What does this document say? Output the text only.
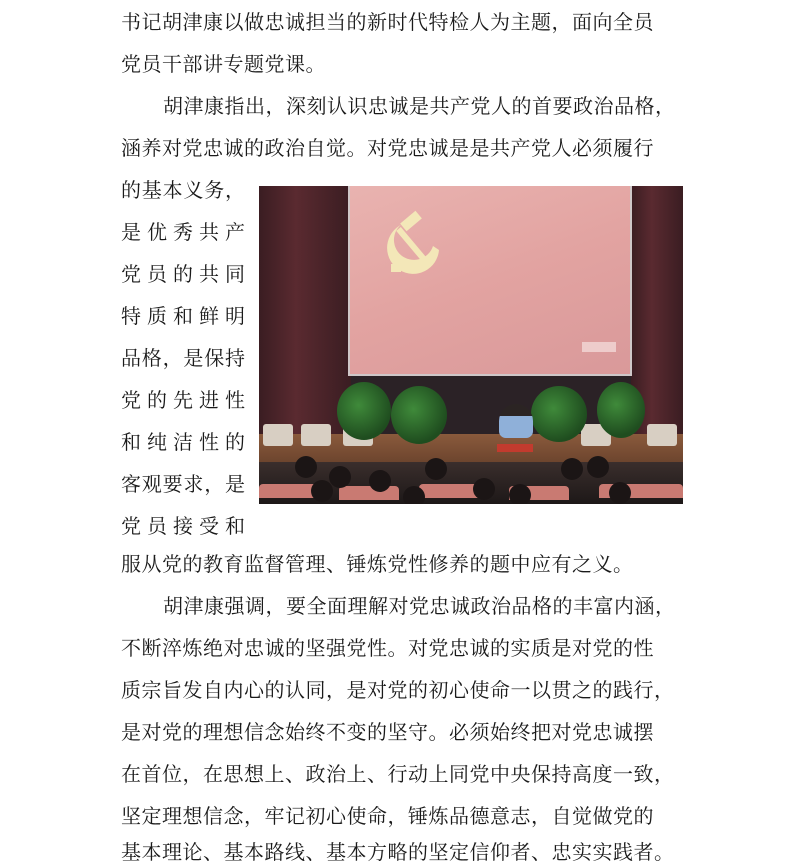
书记胡津康以做忠诚担当的新时代特检人为主题，面向全员
党员干部讲专题党课。
胡津康指出，深刻认识忠诚是共产党人的首要政治品格，
涵养对党忠诚的政治自觉。对党忠诚是是共产党人必须履行
的基本义务，
是优秀共产
党员的共同
特质和鲜明
品格，是保持
党的先进性
和纯洁性的
客观要求，是
党员接受和
服从党的教育监督管理、锤炼党性修养的题中应有之义。
胡津康强调，要全面理解对党忠诚政治品格的丰富内涵，
不断淬炼绝对忠诚的坚强党性。对党忠诚的实质是对党的性
质宗旨发自内心的认同，是对党的初心使命一以贯之的践行，
是对党的理想信念始终不变的坚守。必须始终把对党忠诚摆
在首位，在思想上、政治上、行动上同党中央保持高度一致，
坚定理想信念，牢记初心使命，锤炼品德意志，自觉做党的
基本理论、基本路线、基本方略的坚定信仰者、忠实实践者。
